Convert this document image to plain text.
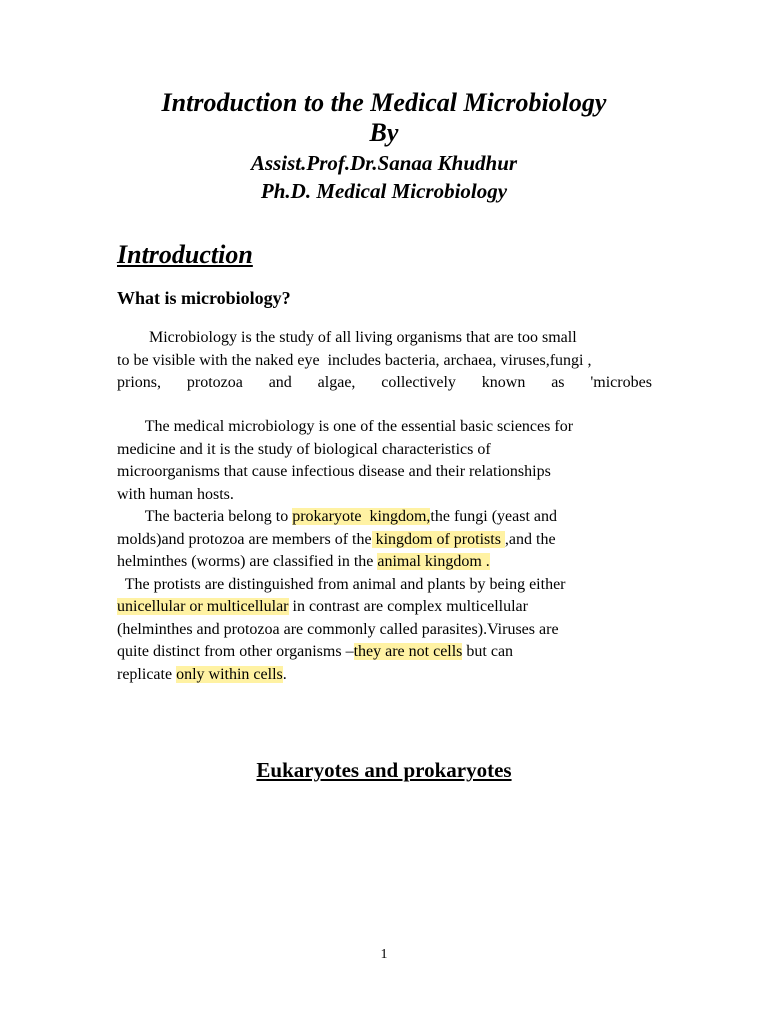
Introduction to the Medical Microbiology
By
Assist.Prof.Dr.Sanaa Khudhur
Ph.D. Medical Microbiology
Introduction
What is microbiology?
Microbiology is the study of all living organisms that are too small
to be visible with the naked eye  includes bacteria, archaea, viruses,fungi ,
prions, protozoa and algae, collectively known as 'microbes
The medical microbiology is one of the essential basic sciences for
medicine and it is the study of biological characteristics of
microorganisms that cause infectious disease and their relationships
with human hosts.
The bacteria belong to prokaryote  kingdom,the fungi (yeast and
molds)and protozoa are members of the kingdom of protists ,and the
helminthes (worms) are classified in the animal kingdom .
The protists are distinguished from animal and plants by being either
unicellular or multicellular in contrast are complex multicellular
(helminthes and protozoa are commonly called parasites).Viruses are
quite distinct from other organisms –they are not cells but can
replicate only within cells.
Eukaryotes and prokaryotes
1
